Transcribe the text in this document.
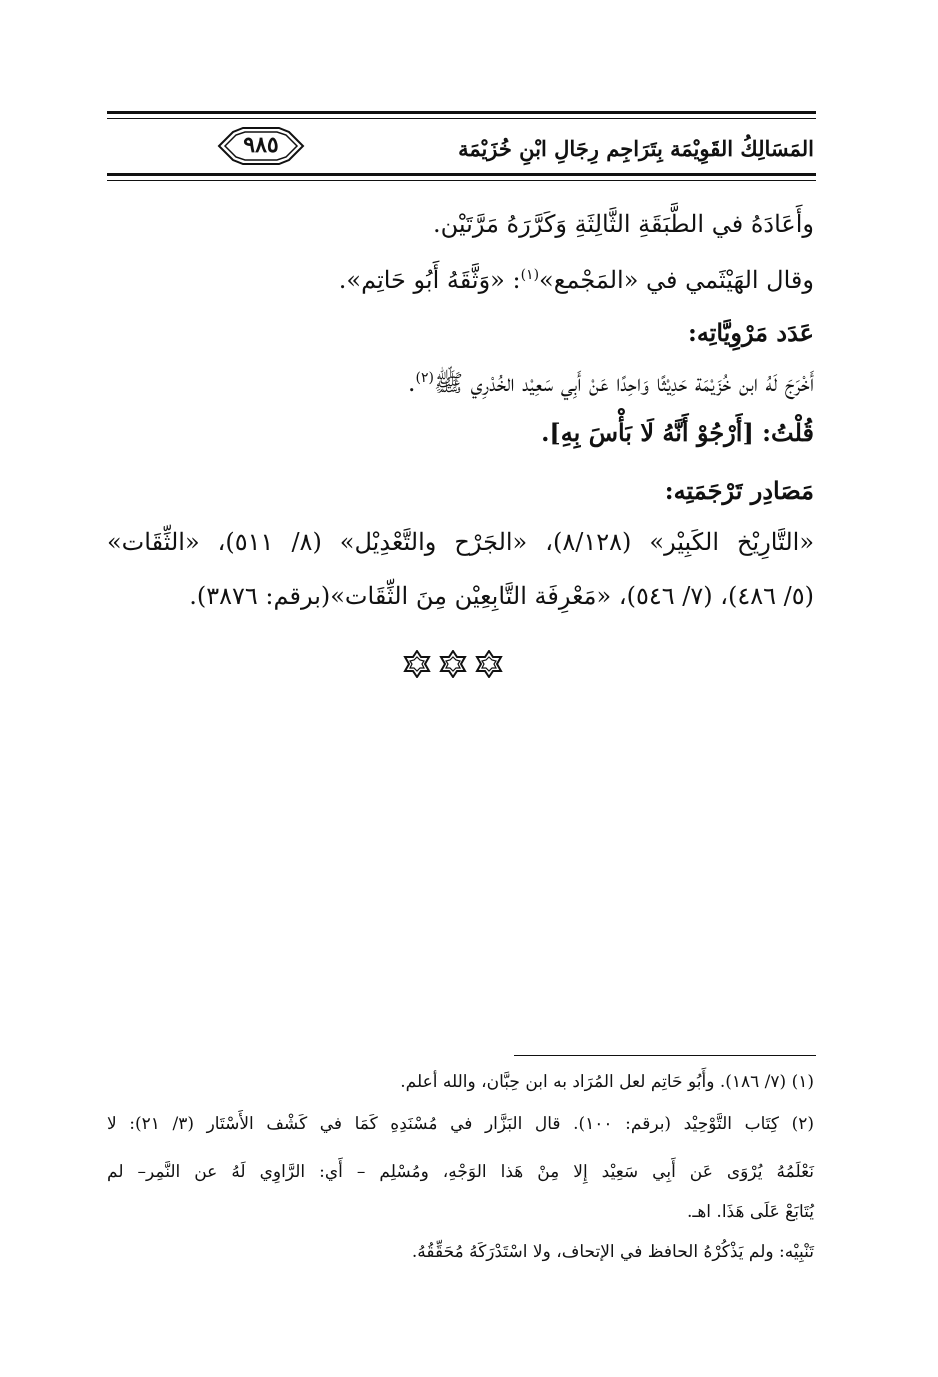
٩٨٥	المَسَالِكُ القَوِيْمَة بِتَرَاجِم رِجَالِ ابْنِ خُزَيْمَة
وأَعَادَهُ في الطَّبَقَةِ الثَّالِثَةِ وَكَرَّرَهُ مَرَّتَيْن.
وقال الهَيْثَمي في «المَجْمع»$^{(١)}$: «وَثَّقَهُ أَبُو حَاتِم».
عَدَد مَرْوِيَّاتِه:
أَخْرَجَ لَهُ ابن خُزَيْمَة حَدِيْثًا وَاحِدًا عَنْ أَبِي سَعِيْد الخُدْرِي ﷺ$^{(٢)}$.
قُلْتُ: [أَرْجُوْ أَنَّهُ لَا بَأْسَ بِهِ].
مَصَادِر تَرْجَمَتِه:
«التَّارِيْخ الكَبِيْر» (٨/١٢٨)، «الجَرْح والتَّعْدِيْل» (٨/ ٥١١)، «الثِّقَات»
(٥/ ٤٨٦)، (٧/ ٥٤٦)، «مَعْرِفَة التَّابِعِيْن مِنَ الثِّقَات»(برقم: ٣٨٧٦).
(١) (٧/ ١٨٦). وأَبُو حَاتِم لعل المُرَاد به ابن حِبَّان، والله أعلم.
(٢) كِتَاب التَّوْحِيْد (برقم: ١٠٠). قال البَزَّار في مُسْنَدِهِ كَمَا في كَشْف الأَسْتَار (٣/ ٢١): لا
نَعْلَمُهُ يُرْوَى عَن أَبِي سَعِيْد إِلا مِنْ هَذا الوَجْهِ، ومُسْلِم – أَي: الرَّاوِي لَهُ عن النَّمِر– لم
يُتَابَعْ عَلَى هَذَا. اهـ.
تَنْبِيْه: ولم يَذْكُرْهُ الحافظ في الإتحاف، ولا اسْتَدْرَكَهُ مُحَقِّقُهُ.
